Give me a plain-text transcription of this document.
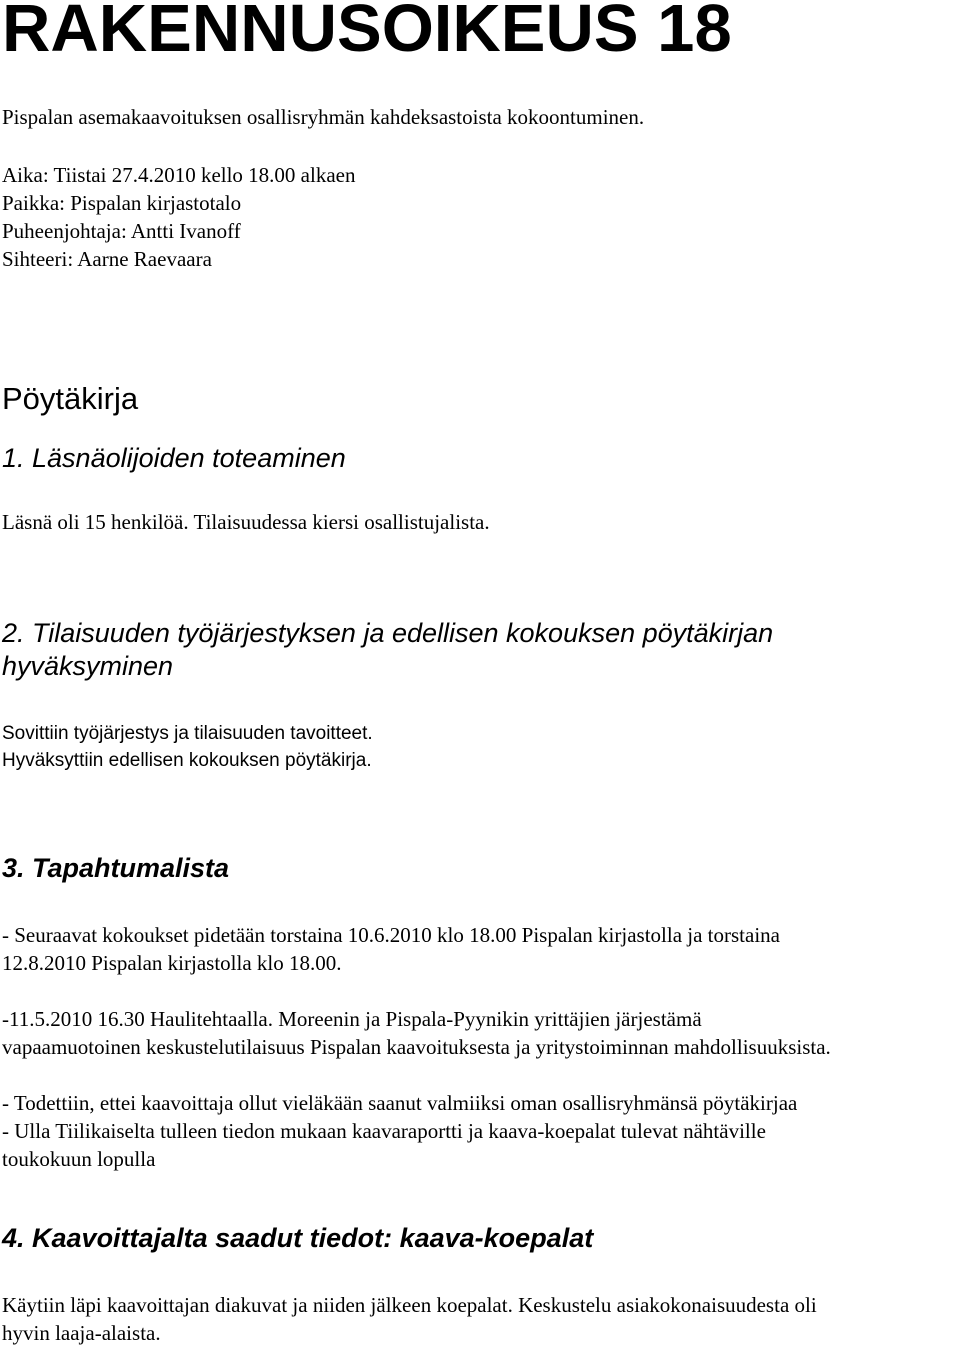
RAKENNUSOIKEUS 18
Pispalan asemakaavoituksen osallisryhmän kahdeksastoista kokoontuminen.
Aika: Tiistai 27.4.2010 kello 18.00 alkaen
Paikka: Pispalan kirjastotalo
Puheenjohtaja: Antti Ivanoff
Sihteeri: Aarne Raevaara
Pöytäkirja
1. Läsnäolijoiden toteaminen
Läsnä oli 15 henkilöä. Tilaisuudessa kiersi osallistujalista.
2. Tilaisuuden työjärjestyksen ja edellisen kokouksen pöytäkirjan
hyväksyminen
Sovittiin työjärjestys ja tilaisuuden tavoitteet.
Hyväksyttiin edellisen kokouksen pöytäkirja.
3. Tapahtumalista
- Seuraavat kokoukset pidetään torstaina 10.6.2010 klo 18.00 Pispalan kirjastolla ja torstaina
12.8.2010 Pispalan kirjastolla klo 18.00.
-11.5.2010 16.30 Haulitehtaalla. Moreenin ja Pispala-Pyynikin yrittäjien järjestämä
vapaamuotoinen keskustelutilaisuus Pispalan kaavoituksesta ja yritystoiminnan mahdollisuuksista.
- Todettiin, ettei kaavoittaja ollut vieläkään saanut valmiiksi oman osallisryhmänsä pöytäkirjaa
- Ulla Tiilikaiselta tulleen tiedon mukaan kaavaraportti ja kaava-koepalat tulevat nähtäville
toukokuun lopulla
4. Kaavoittajalta saadut tiedot: kaava-koepalat
Käytiin läpi kaavoittajan diakuvat ja niiden jälkeen koepalat. Keskustelu asiakokonaisuudesta oli
hyvin laaja-alaista.
